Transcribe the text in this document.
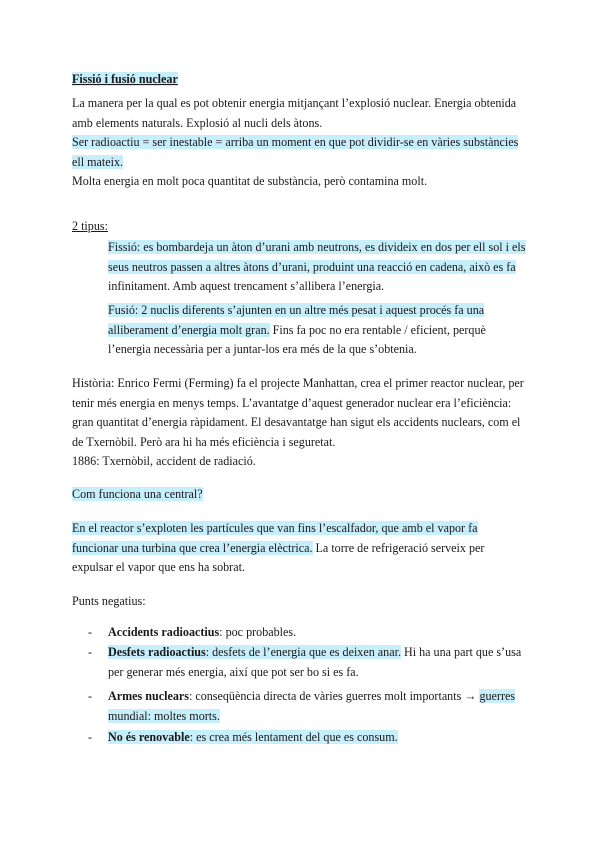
Fissió i fusió nuclear

La manera per la qual es pot obtenir energia mitjançant l’explosió nuclear. Energia obtenida
amb elements naturals. Explosió al nucli dels àtons.
Ser radioactiu = ser inestable = arriba un moment en que pot dividir-se en vàries substàncies
ell mateix.
Molta energia en molt poca quantitat de substància, però contamina molt.

2 tipus:

Fissió: es bombardeja un àton d’urani amb neutrons, es divideix en dos per ell sol i els
seus neutros passen a altres àtons d’urani, produint una reacció en cadena, això es fa
infinitament. Amb aquest trencament s’allibera l’energia.
Fusió: 2 nuclis diferents s’ajunten en un altre més pesat i aquest procés fa una
alliberament d’energia molt gran. Fins fa poc no era rentable / eficient, perquè
l’energia necessària per a juntar-los era més de la que s’obtenia.
Història: Enrico Fermi (Ferming) fa el projecte Manhattan, crea el primer reactor nuclear, per
tenir més energia en menys temps. L’avantatge d’aquest generador nuclear era l’eficiència:
gran quantitat d’energia ràpidament. El desavantatge han sigut els accidents nuclears, com el
de Txernòbil. Però ara hi ha més eficiència i seguretat.
1886: Txernòbil, accident de radiació.

Com funciona una central?

En el reactor s’exploten les partícules que van fins l’escalfador, que amb el vapor fa
funcionar una turbina que crea l’energia elèctrica. La torre de refrigeració serveix per
expulsar el vapor que ens ha sobrat.

Punts negatius:

- Accidents radioactius: poc probables.

- Desfets radioactius: desfets de l’energia que es deixen anar. Hi ha una part que s’usa
per generar més energia, així que pot ser bo si es fa.
- Armes nuclears: conseqüència directa de vàries guerres molt importants → guerres
mundial: moltes morts.
- No és renovable: es crea més lentament del que es consum.
